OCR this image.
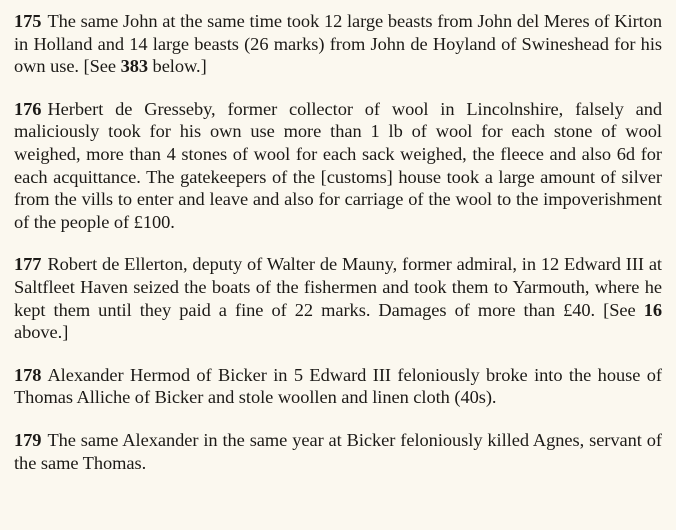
175 The same John at the same time took 12 large beasts from John del Meres of Kirton in Holland and 14 large beasts (26 marks) from John de Hoyland of Swineshead for his own use. [See 383 below.]

176 Herbert de Gresseby, former collector of wool in Lincolnshire, falsely and maliciously took for his own use more than 1 lb of wool for each stone of wool weighed, more than 4 stones of wool for each sack weighed, the fleece and also 6d for each acquittance. The gatekeepers of the [customs] house took a large amount of silver from the vills to enter and leave and also for carriage of the wool to the impoverishment of the people of £100.

177 Robert de Ellerton, deputy of Walter de Mauny, former admiral, in 12 Edward III at Saltfleet Haven seized the boats of the fishermen and took them to Yarmouth, where he kept them until they paid a fine of 22 marks. Damages of more than £40. [See 16 above.]

178 Alexander Hermod of Bicker in 5 Edward III feloniously broke into the house of Thomas Alliche of Bicker and stole woollen and linen cloth (40s).

179 The same Alexander in the same year at Bicker feloniously killed Agnes, servant of the same Thomas.
